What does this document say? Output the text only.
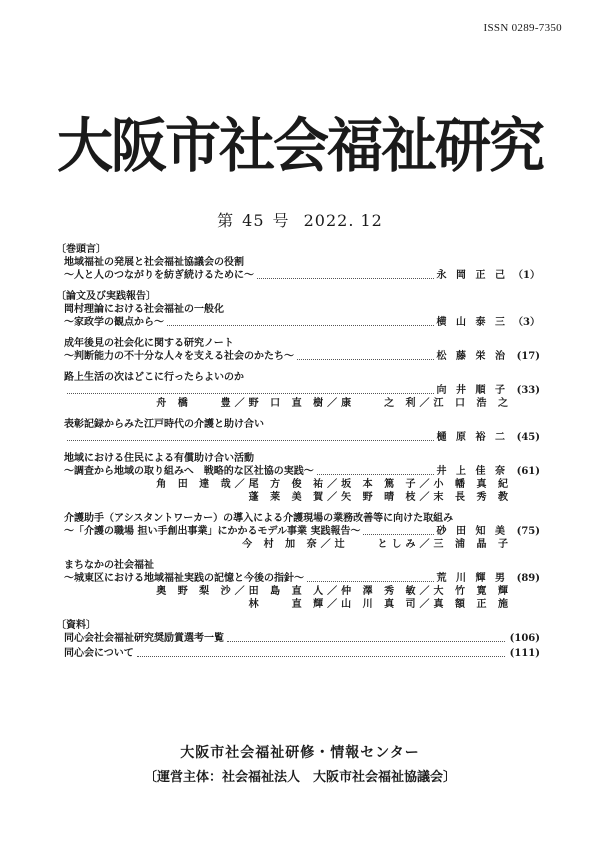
ISSN 0289-7350
大阪市社会福祉研究
第 45 号 2022. 12
〔巻頭言〕
地域福祉の発展と社会福祉協議会の役割
～人と人のつながりを紡ぎ続けるために～	永 岡 正 己 （1）
〔論文及び実践報告〕
岡村理論における社会福祉の一般化
～家政学の観点から～	横 山 泰 三 （3）
成年後見の社会化に関する研究ノート
～判断能力の不十分な人々を支える社会のかたち～	松 藤 栄 治 (17)
路上生活の次はどこに行ったらよいのか
向 井 順 子 (33)
舟 橋 　 豊／野 口 直 樹／康 　 之 利／江 口 浩 之
表彰記録からみた江戸時代の介護と助け合い
樋 原 裕 二 (45)
地域における住民による有償助け合い活動
～調査から地域の取り組みへ　戦略的な区社協の実践～	井 上 佳 奈 (61)
角 田 達 哉／尾 方 俊 祐／坂 本 篤 子／小 幡 真 紀
蓬 莱 美 賀／矢 野 晴 枝／末 長 秀 教
介護助手（アシスタントワーカー）の導入による介護現場の業務改善等に向けた取組み
～「介護の職場 担い手創出事業」にかかるモデル事業 実践報告～	砂 田 知 美 (75)
今 村 加 奈／辻 　 としみ／三 浦 晶 子
まちなかの社会福祉
～城東区における地域福祉実践の記憶と今後の指針～	荒 川 輝 男 (89)
奥 野 梨 沙／田 島 直 人／仲 澤 秀 敏／大 竹 寛 輝
林 　 直 輝／山 川 真 司／真 額 正 施
〔資料〕
同心会社会福祉研究奨励賞選考一覧	(106)
同心会について	(111)
大阪市社会福祉研修・情報センター
〔運営主体：社会福祉法人　大阪市社会福祉協議会〕
